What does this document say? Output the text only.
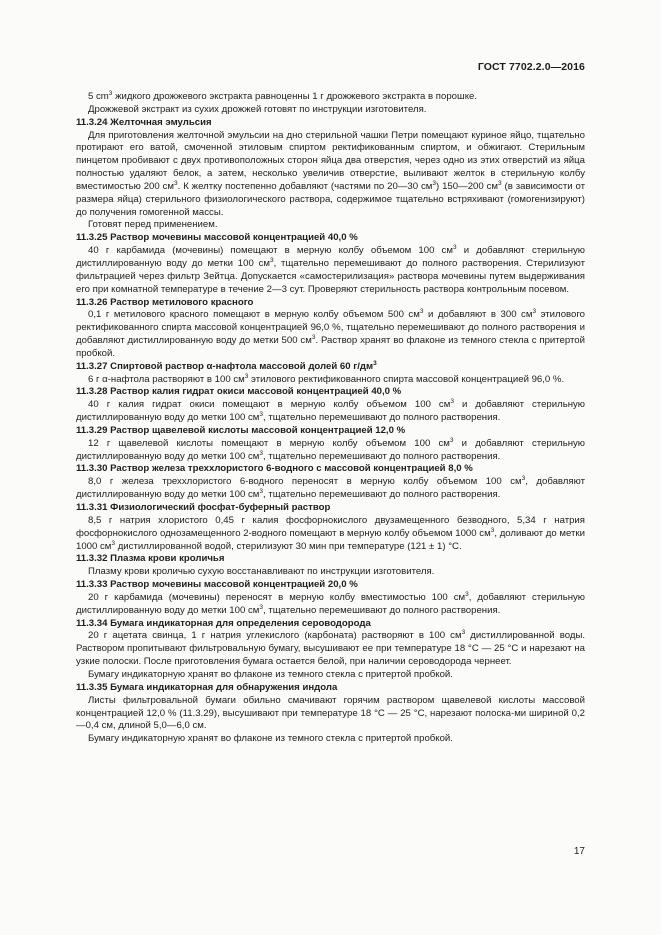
ГОСТ 7702.2.0—2016

5 $cm^3$ жидкого дрожжевого экстракта равноценны 1 г дрожжевого экстракта в порошке.

Дрожжевой экстракт из сухих дрожжей готовят по инструкции изготовителя.

11.3.24 Желточная эмульсия

Для приготовления желточной эмульсии на дно стерильной чашки Петри помещают куриное яйцо, тщательно протирают его ватой, смоченной этиловым спиртом ректификованным спиртом, и обжигают. Стерильным пинцетом пробивают с двух противоположных сторон яйца два отверстия, через одно из этих отверстий из яйца полностью удаляют белок, а затем, несколько увеличив отверстие, выливают желток в стерильную колбу вместимостью 200 $см^3$. К желтку постепенно добавляют (частями по 20—30 $см^3$) 150—200 $см^3$ (в зависимости от размера яйца) стерильного физиологического раствора, содержимое тщательно встряхивают (гомогенизируют) до получения гомогенной массы.

Готовят перед применением.

11.3.25 Раствор мочевины массовой концентрацией 40,0 %

40 г карбамида (мочевины) помещают в мерную колбу объемом 100 $см^3$ и добавляют стерильную дистиллированную воду до метки 100 $см^3$, тщательно перемешивают до полного растворения. Стерилизуют фильтрацией через фильтр Зейтца. Допускается «самостерилизация» раствора мочевины путем выдерживания его при комнатной температуре в течение 2—3 сут. Проверяют стерильность раствора контрольным посевом.

11.3.26 Раствор метилового красного

0,1 г метилового красного помещают в мерную колбу объемом 500 $см^3$ и добавляют в 300 $см^3$ этилового ректификованного спирта массовой концентрацией 96,0 %, тщательно перемешивают до полного растворения и добавляют дистиллированную воду до метки 500 $см^3$. Раствор хранят во флаконе из темного стекла с притертой пробкой.

11.3.27 Спиртовой раствор α-нафтола массовой долей 60 $г/дм^3$

6 г α-нафтола растворяют в 100 $см^3$ этилового ректификованного спирта массовой концентрацией 96,0 %.

11.3.28 Раствор калия гидрат окиси массовой концентрацией 40,0 %

40 г калия гидрат окиси помещают в мерную колбу объемом 100 $см^3$ и добавляют стерильную дистиллированную воду до метки 100 $см^3$, тщательно перемешивают до полного растворения.

11.3.29 Раствор щавелевой кислоты массовой концентрацией 12,0 %

12 г щавелевой кислоты помещают в мерную колбу объемом 100 $см^3$ и добавляют стерильную дистиллированную воду до метки 100 $см^3$, тщательно перемешивают до полного растворения.

11.3.30 Раствор железа треххлористого 6-водного с массовой концентрацией 8,0 %

8,0 г железа треххлористого 6-водного переносят в мерную колбу объемом 100 $см^3$, добавляют дистиллированную воду до метки 100 $см^3$, тщательно перемешивают до полного растворения.

11.3.31 Физиологический фосфат-буферный раствор

8,5 г натрия хлористого 0,45 г калия фосфорнокислого двузамещенного безводного, 5,34 г натрия фосфорнокислого однозамещенного 2-водного помещают в мерную колбу объемом 1000 $см^3$, доливают до метки 1000 $см^3$ дистиллированной водой, стерилизуют 30 мин при температуре (121 ± 1) °С.

11.3.32 Плазма крови кроличья

Плазму крови кроличью сухую восстанавливают по инструкции изготовителя.

11.3.33 Раствор мочевины массовой концентрацией 20,0 %

20 г карбамида (мочевины) переносят в мерную колбу вместимостью 100 $см^3$, добавляют стерильную дистиллированную воду до метки 100 $см^3$, тщательно перемешивают до полного растворения.

11.3.34 Бумага индикаторная для определения сероводорода

20 г ацетата свинца, 1 г натрия углекислого (карбоната) растворяют в 100 $см^3$ дистиллированной воды. Раствором пропитывают фильтровальную бумагу, высушивают ее при температуре 18 °С — 25 °С и нарезают на узкие полоски. После приготовления бумага остается белой, при наличии сероводорода чернеет.

Бумагу индикаторную хранят во флаконе из темного стекла с притертой пробкой.

11.3.35 Бумага индикаторная для обнаружения индола

Листы фильтровальной бумаги обильно смачивают горячим раствором щавелевой кислоты массовой концентрацией 12,0 % (11.3.29), высушивают при температуре 18 °С — 25 °С, нарезают полоска-ми шириной 0,2—0,4 см, длиной 5,0—6,0 см.

Бумагу индикаторную хранят во флаконе из темного стекла с притертой пробкой.

17
